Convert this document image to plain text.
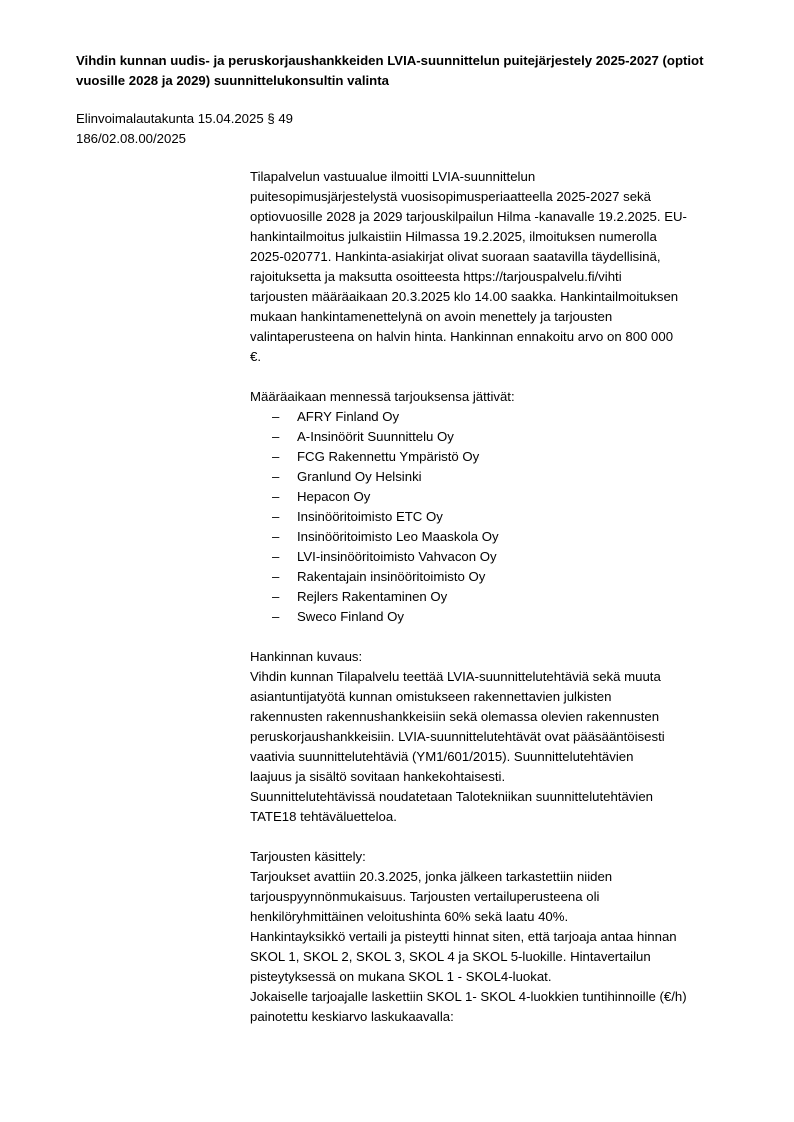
Vihdin kunnan uudis- ja peruskorjaushankkeiden LVIA-suunnittelun puitejärjestely 2025-2027 (optiot vuosille 2028 ja 2029) suunnittelukonsultin valinta
Elinvoimalautakunta 15.04.2025 § 49
186/02.08.00/2025
Tilapalvelun vastuualue ilmoitti LVIA-suunnittelun
puitesopimusjärjestelystä vuosisopimusperiaatteella 2025-2027 sekä
optiovuosille 2028 ja 2029 tarjouskilpailun Hilma -kanavalle 19.2.2025. EU-
hankintailmoitus julkaistiin Hilmassa 19.2.2025, ilmoituksen numerolla
2025-020771. Hankinta-asiakirjat olivat suoraan saatavilla täydellisinä,
rajoituksetta ja maksutta osoitteesta https://tarjouspalvelu.fi/vihti
tarjousten määräaikaan 20.3.2025 klo 14.00 saakka. Hankintailmoituksen
mukaan hankintamenettelynä on avoin menettely ja tarjousten
valintaperusteena on halvin hinta. Hankinnan ennakoitu arvo on 800 000
€.
Määräaikaan mennessä tarjouksensa jättivät:
– AFRY Finland Oy
– A-Insinöörit Suunnittelu Oy
– FCG Rakennettu Ympäristö Oy
– Granlund Oy Helsinki
– Hepacon Oy
– Insinööritoimisto ETC Oy
– Insinööritoimisto Leo Maaskola Oy
– LVI-insinööritoimisto Vahvacon Oy
– Rakentajain insinööritoimisto Oy
– Rejlers Rakentaminen Oy
– Sweco Finland Oy
Hankinnan kuvaus:
Vihdin kunnan Tilapalvelu teettää LVIA-suunnittelutehtäviä sekä muuta
asiantuntijatyötä kunnan omistukseen rakennettavien julkisten
rakennusten rakennushankkeisiin sekä olemassa olevien rakennusten
peruskorjaushankkeisiin. LVIA-suunnittelutehtävät ovat pääsääntöisesti
vaativia suunnittelutehtäviä (YM1/601/2015). Suunnittelutehtävien
laajuus ja sisältö sovitaan hankekohtaisesti.
Suunnittelutehtävissä noudatetaan Talotekniikan suunnittelutehtävien
TATE18 tehtäväluetteloa.
Tarjousten käsittely:
Tarjoukset avattiin 20.3.2025, jonka jälkeen tarkastettiin niiden
tarjouspyynnönmukaisuus. Tarjousten vertailuperusteena oli
henkilöryhmittäinen veloitushinta 60% sekä laatu 40%.
Hankintayksikkö vertaili ja pisteytti hinnat siten, että tarjoaja antaa hinnan
SKOL 1, SKOL 2, SKOL 3, SKOL 4 ja SKOL 5-luokille. Hintavertailun
pisteytyksessä on mukana SKOL 1 - SKOL4-luokat.
Jokaiselle tarjoajalle laskettiin SKOL 1- SKOL 4-luokkien tuntihinnoille (€/h)
painotettu keskiarvo laskukaavalla:
